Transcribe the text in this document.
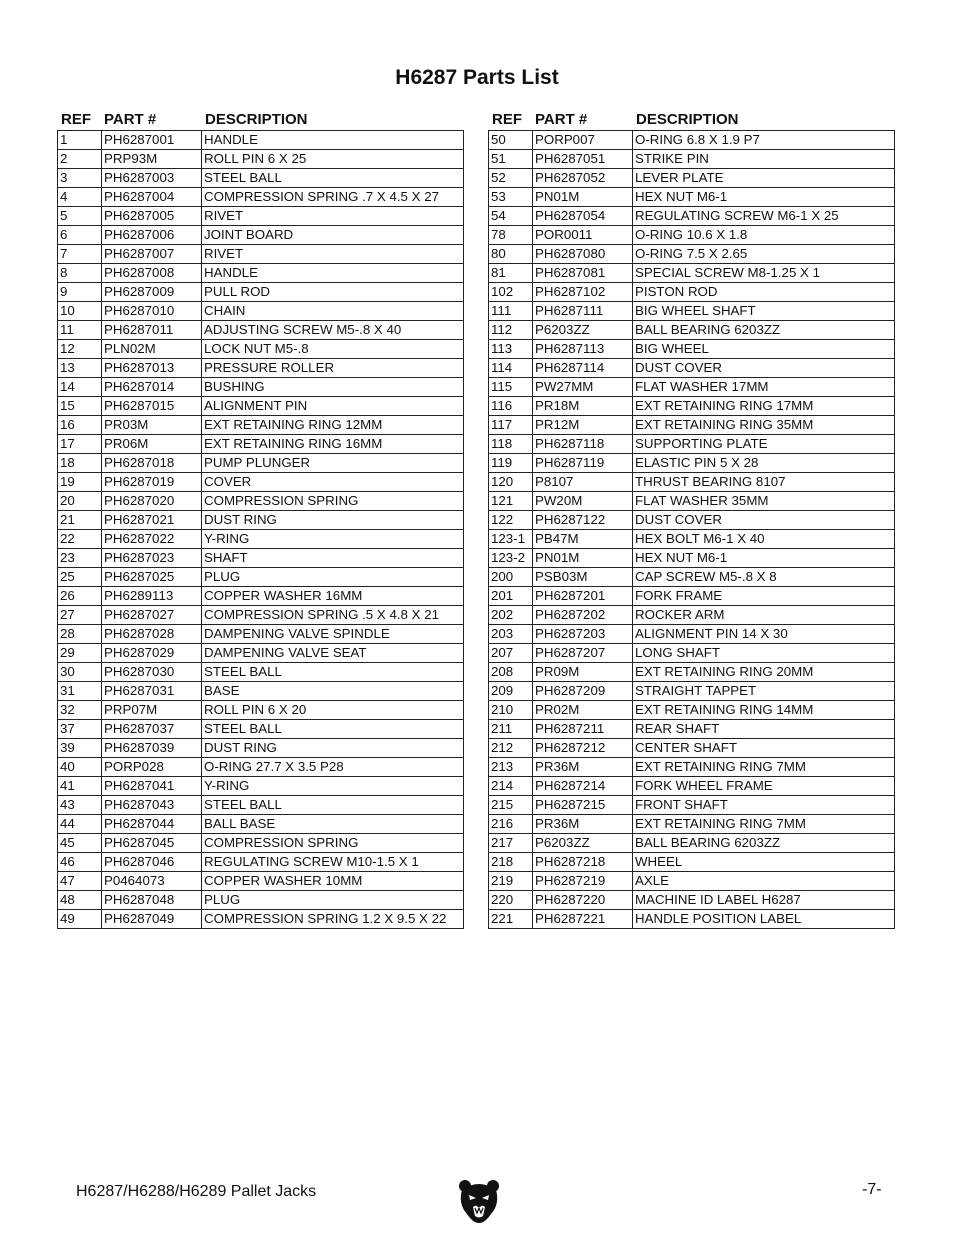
H6287 Parts List
REF PART #	DESCRIPTION
1	PH6287001	HANDLE
2	PRP93M	ROLL PIN 6 X 25
3	PH6287003	STEEL BALL
4	PH6287004	COMPRESSION SPRING .7 X 4.5 X 27
5	PH6287005	RIVET
6	PH6287006	JOINT BOARD
7	PH6287007	RIVET
8	PH6287008	HANDLE
9	PH6287009	PULL ROD
10	PH6287010	CHAIN
11	PH6287011	ADJUSTING SCREW M5-.8 X 40
12	PLN02M	LOCK NUT M5-.8
13	PH6287013	PRESSURE ROLLER
14	PH6287014	BUSHING
15	PH6287015	ALIGNMENT PIN
16	PR03M	EXT RETAINING RING 12MM
17	PR06M	EXT RETAINING RING 16MM
18	PH6287018	PUMP PLUNGER
19	PH6287019	COVER
20	PH6287020	COMPRESSION SPRING
21	PH6287021	DUST RING
22	PH6287022	Y-RING
23	PH6287023	SHAFT
25	PH6287025	PLUG
26	PH6289113	COPPER WASHER 16MM
27	PH6287027	COMPRESSION SPRING .5 X 4.8 X 21
28	PH6287028	DAMPENING VALVE SPINDLE
29	PH6287029	DAMPENING VALVE SEAT
30	PH6287030	STEEL BALL
31	PH6287031	BASE
32	PRP07M	ROLL PIN 6 X 20
37	PH6287037	STEEL BALL
39	PH6287039	DUST RING
40	PORP028	O-RING 27.7 X 3.5 P28
41	PH6287041	Y-RING
43	PH6287043	STEEL BALL
44	PH6287044	BALL BASE
45	PH6287045	COMPRESSION SPRING
46	PH6287046	REGULATING SCREW M10-1.5 X 1
47	P0464073	COPPER WASHER 10MM
48	PH6287048	PLUG
49	PH6287049	COMPRESSION SPRING 1.2 X 9.5 X 22
REF PART #	DESCRIPTION
50	PORP007	O-RING 6.8 X 1.9 P7
51	PH6287051	STRIKE PIN
52	PH6287052	LEVER PLATE
53	PN01M	HEX NUT M6-1
54	PH6287054	REGULATING SCREW M6-1 X 25
78	POR0011	O-RING 10.6 X 1.8
80	PH6287080	O-RING 7.5 X 2.65
81	PH6287081	SPECIAL SCREW M8-1.25 X 1
102	PH6287102	PISTON ROD
111	PH6287111	BIG WHEEL SHAFT
112	P6203ZZ	BALL BEARING 6203ZZ
113	PH6287113	BIG WHEEL
114	PH6287114	DUST COVER
115	PW27MM	FLAT WASHER 17MM
116	PR18M	EXT RETAINING RING 17MM
117	PR12M	EXT RETAINING RING 35MM
118	PH6287118	SUPPORTING PLATE
119	PH6287119	ELASTIC PIN 5 X 28
120	P8107	THRUST BEARING 8107
121	PW20M	FLAT WASHER 35MM
122	PH6287122	DUST COVER
123-1	PB47M	HEX BOLT M6-1 X 40
123-2	PN01M	HEX NUT M6-1
200	PSB03M	CAP SCREW M5-.8 X 8
201	PH6287201	FORK FRAME
202	PH6287202	ROCKER ARM
203	PH6287203	ALIGNMENT PIN 14 X 30
207	PH6287207	LONG SHAFT
208	PR09M	EXT RETAINING RING 20MM
209	PH6287209	STRAIGHT TAPPET
210	PR02M	EXT RETAINING RING 14MM
211	PH6287211	REAR SHAFT
212	PH6287212	CENTER SHAFT
213	PR36M	EXT RETAINING RING 7MM
214	PH6287214	FORK WHEEL FRAME
215	PH6287215	FRONT SHAFT
216	PR36M	EXT RETAINING RING 7MM
217	P6203ZZ	BALL BEARING 6203ZZ
218	PH6287218	WHEEL
219	PH6287219	AXLE
220	PH6287220	MACHINE ID LABEL H6287
221	PH6287221	HANDLE POSITION LABEL
H6287/H6288/H6289 Pallet Jacks	-7-
